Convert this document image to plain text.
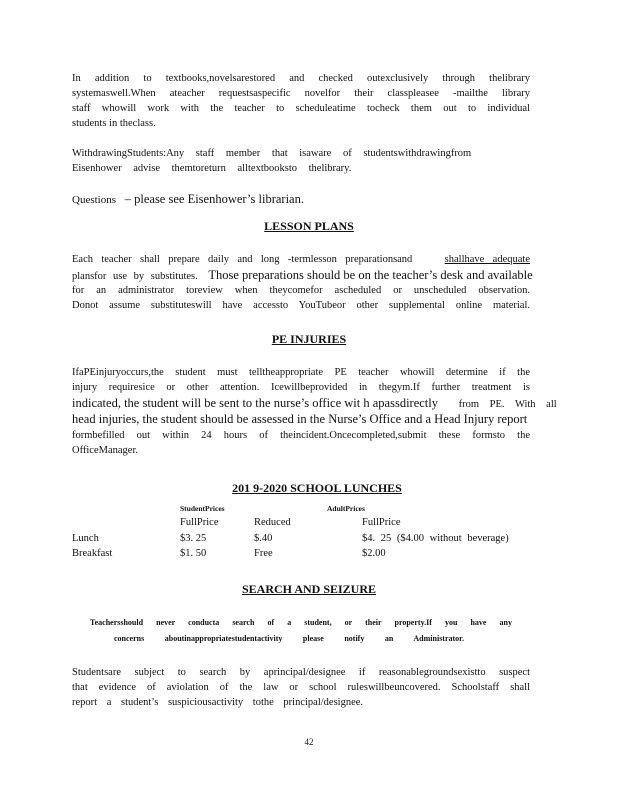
In addition to textbooks,novelsarestored and checked outexclusively through thelibrary
systemaswell.When ateacher requestsaspecific novelfor their classpleasee -mailthe library
staff whowill work with the teacher to scheduleatime tocheck them out to individual
students in theclass.
WithdrawingStudents:Any staff member that isaware of studentswithdrawingfrom
Eisenhower advise themtoreturn alltextbooksto thelibrary.
Questions – please see Eisenhower’s librarian.
LESSON PLANS
Each teacher shall prepare daily and long -termlesson preparationsand	shallhave adequate
plansfor use by substitutes. Those preparations should be on the teacher’s desk and available
for an administrator toreview when theycomefor ascheduled or unscheduled observation.
Donot assume substituteswill have accessto YouTubeor other supplemental online material.
PE INJURIES
IfaPEinjuryoccurs,the student must telltheappropriate PE teacher whowill determine if the
injury requiresice or other attention. Icewillbeprovided in thegym.If further treatment is
indicated, the student will be sent to the nurse’s office wit h apassdirectly from PE. With all
head injuries, the student should be assessed in the Nurse’s Office and a Head Injury report
formbefilled out within 24 hours of theincident.Oncecompleted,submit these formsto the
OfficeManager.
201 9-2020 SCHOOL LUNCHES
StudentPrices	AdultPrices
FullPrice	Reduced	FullPrice
Lunch	$3. 25	$.40	$4. 25 ($4.00 without beverage)
Breakfast	$1. 50	Free	$2.00
SEARCH AND SEIZURE
Teachersshould never conducta search of a student, or their property.If you have any
concerns aboutinappropriatestudentactivity please notify an Administrator.
Studentsare subject to search by aprincipal/designee if reasonablegroundsexistto suspect
that evidence of aviolation of the law or school ruleswillbeuncovered. Schoolstaff shall
report a student’s suspiciousactivity tothe principal/designee.
42
